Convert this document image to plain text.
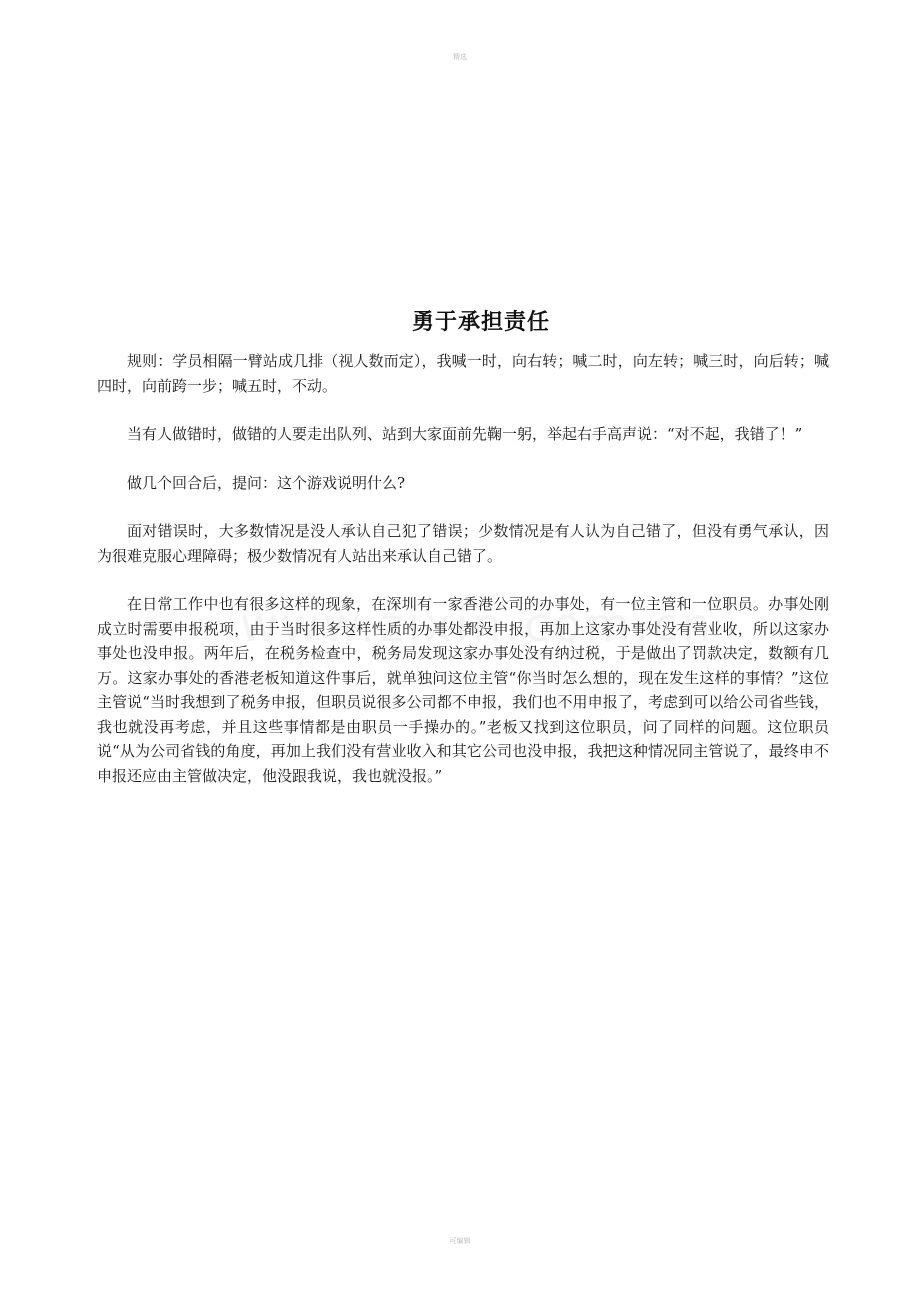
精选
勇于承担责任

规则：学员相隔一臂站成几排（视人数而定），我喊一时，向右转；喊二时，向左转；喊三时，向后转；喊四时，向前跨一步；喊五时，不动。

当有人做错时，做错的人要走出队列、站到大家面前先鞠一躬，举起右手高声说：“对不起，我错了！”

做几个回合后，提问：这个游戏说明什么?

面对错误时，大多数情况是没人承认自己犯了错误；少数情况是有人认为自己错了，但没有勇气承认，因为很难克服心理障碍；极少数情况有人站出来承认自己错了。

在日常工作中也有很多这样的现象，在深圳有一家香港公司的办事处，有一位主管和一位职员。办事处刚成立时需要申报税项，由于当时很多这样性质的办事处都没申报，再加上这家办事处没有营业收，所以这家办事处也没申报。两年后，在税务检查中，税务局发现这家办事处没有纳过税，于是做出了罚款决定，数额有几万。这家办事处的香港老板知道这件事后，就单独问这位主管“你当时怎么想的，现在发生这样的事情？”这位主管说“当时我想到了税务申报，但职员说很多公司都不申报，我们也不用申报了，考虑到可以给公司省些钱，我也就没再考虑，并且这些事情都是由职员一手操办的。”老板又找到这位职员，问了同样的问题。这位职员说“从为公司省钱的角度，再加上我们没有营业收入和其它公司也没申报，我把这种情况同主管说了，最终申不申报还应由主管做决定，他没跟我说，我也就没报。”

可编辑
